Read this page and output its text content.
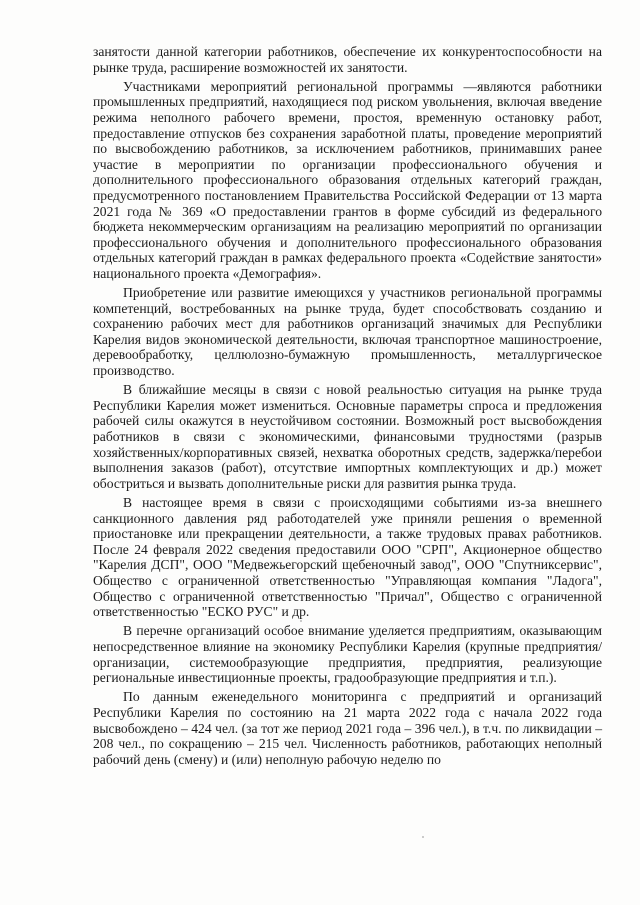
занятости данной категории работников, обеспечение их конкурентоспособности на рынке труда, расширение возможностей их занятости.

Участниками мероприятий региональной программы —являются работники промышленных предприятий, находящиеся под риском увольнения, включая введение режима неполного рабочего времени, простоя, временную остановку работ, предоставление отпусков без сохранения заработной платы, проведение мероприятий по высвобождению работников, за исключением работников, принимавших ранее участие в мероприятии по организации профессионального обучения и дополнительного профессионального образования отдельных категорий граждан, предусмотренного постановлением Правительства Российской Федерации от 13 марта 2021 года № 369 «О предоставлении грантов в форме субсидий из федерального бюджета некоммерческим организациям на реализацию мероприятий по организации профессионального обучения и дополнительного профессионального образования отдельных категорий граждан в рамках федерального проекта «Содействие занятости» национального проекта «Демография».

Приобретение или развитие имеющихся у участников региональной программы компетенций, востребованных на рынке труда, будет способствовать созданию и сохранению рабочих мест для работников организаций значимых для Республики Карелия видов экономической деятельности, включая транспортное машиностроение, деревообработку, целлюлозно-бумажную промышленность, металлургическое производство.

В ближайшие месяцы в связи с новой реальностью ситуация на рынке труда Республики Карелия может измениться. Основные параметры спроса и предложения рабочей силы окажутся в неустойчивом состоянии. Возможный рост высвобождения работников в связи с экономическими, финансовыми трудностями (разрыв хозяйственных/корпоративных связей, нехватка оборотных средств, задержка/перебои выполнения заказов (работ), отсутствие импортных комплектующих и др.) может обостриться и вызвать дополнительные риски для развития рынка труда.

В настоящее время в связи с происходящими событиями из-за внешнего санкционного давления ряд работодателей уже приняли решения о временной приостановке или прекращении деятельности, а также трудовых правах работников. После 24 февраля 2022 сведения предоставили ООО "СРП", Акционерное общество "Карелия ДСП", ООО "Медвежьегорский щебеночный завод", ООО "Спутниксервис", Общество с ограниченной ответственностью "Управляющая компания "Ладога", Общество с ограниченной ответственностью "Причал", Общество с ограниченной ответственностью "ЕСКО РУС" и др.

В перечне организаций особое внимание уделяется предприятиям, оказывающим непосредственное влияние на экономику Республики Карелия (крупные предприятия/организации, системообразующие предприятия, предприятия, реализующие региональные инвестиционные проекты, градообразующие предприятия и т.п.).

По данным еженедельного мониторинга с предприятий и организаций Республики Карелия по состоянию на 21 марта 2022 года с начала 2022 года высвобождено – 424 чел. (за тот же период 2021 года – 396 чел.), в т.ч. по ликвидации – 208 чел., по сокращению – 215 чел. Численность работников, работающих неполный рабочий день (смену) и (или) неполную рабочую неделю по
